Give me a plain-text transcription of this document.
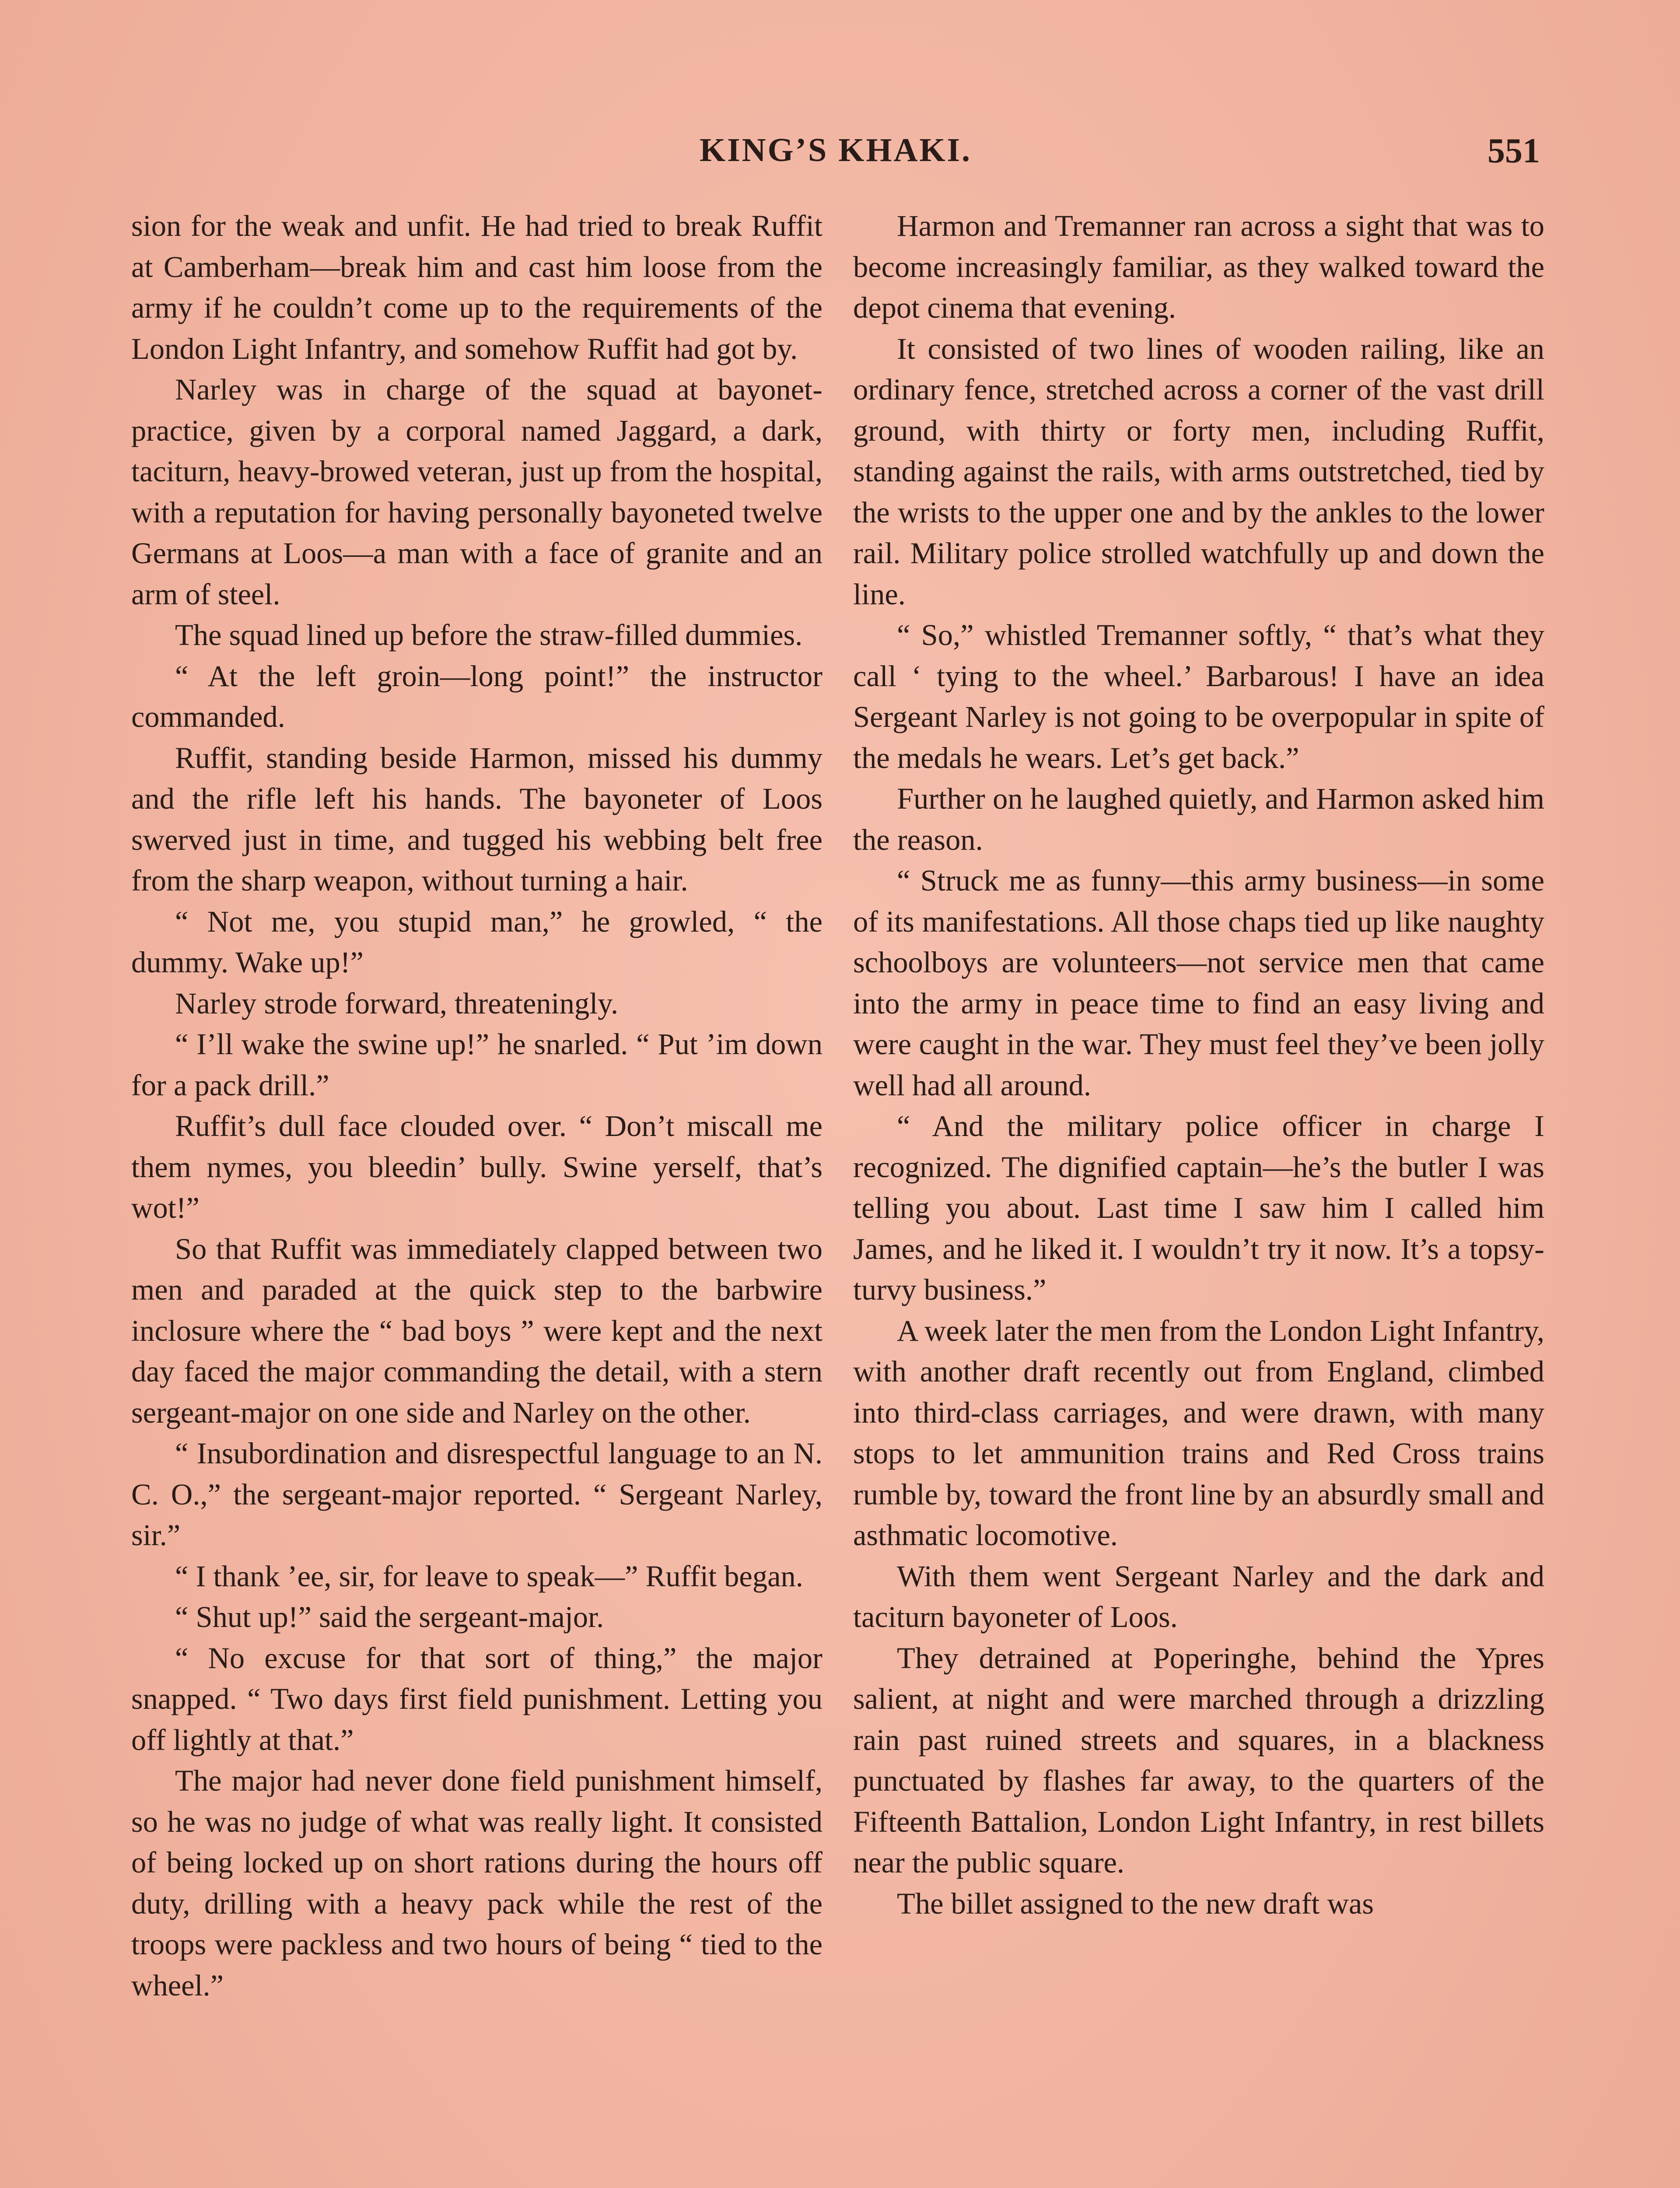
KING’S KHAKI.	551

sion for the weak and unfit. He had tried to break Ruffit at Camberham—break him and cast him loose from the army if he couldn’t come up to the requirements of the London Light Infantry, and somehow Ruffit had got by.

Narley was in charge of the squad at bayonet-practice, given by a corporal named Jaggard, a dark, taciturn, heavy-browed veteran, just up from the hospital, with a reputation for having personally bayoneted twelve Germans at Loos—a man with a face of granite and an arm of steel.

The squad lined up before the straw-filled dummies.

“ At the left groin—long point!” the instructor commanded.

Ruffit, standing beside Harmon, missed his dummy and the rifle left his hands. The bayoneter of Loos swerved just in time, and tugged his webbing belt free from the sharp weapon, without turning a hair.

“ Not me, you stupid man,” he growled, “ the dummy. Wake up!”

Narley strode forward, threateningly.

“ I’ll wake the swine up!” he snarled. “ Put ’im down for a pack drill.”

Ruffit’s dull face clouded over. “ Don’t miscall me them nymes, you bleedin’ bully. Swine yerself, that’s wot!”

So that Ruffit was immediately clapped between two men and paraded at the quick step to the barbwire inclosure where the “ bad boys ” were kept and the next day faced the major commanding the detail, with a stern sergeant-major on one side and Narley on the other.

“ Insubordination and disrespectful language to an N. C. O.,” the sergeant-major reported. “ Sergeant Narley, sir.”

“ I thank ’ee, sir, for leave to speak—” Ruffit began.

“ Shut up!” said the sergeant-major.

“ No excuse for that sort of thing,” the major snapped. “ Two days first field punishment. Letting you off lightly at that.”

The major had never done field punishment himself, so he was no judge of what was really light. It consisted of being locked up on short rations during the hours off duty, drilling with a heavy pack while the rest of the troops were packless and two hours of being “ tied to the wheel.”

Harmon and Tremanner ran across a sight that was to become increasingly familiar, as they walked toward the depot cinema that evening.

It consisted of two lines of wooden railing, like an ordinary fence, stretched across a corner of the vast drill ground, with thirty or forty men, including Ruffit, standing against the rails, with arms outstretched, tied by the wrists to the upper one and by the ankles to the lower rail. Military police strolled watchfully up and down the line.

“ So,” whistled Tremanner softly, “ that’s what they call ‘ tying to the wheel.’ Barbarous! I have an idea Sergeant Narley is not going to be overpopular in spite of the medals he wears. Let’s get back.”

Further on he laughed quietly, and Harmon asked him the reason.

“ Struck me as funny—this army business—in some of its manifestations. All those chaps tied up like naughty schoolboys are volunteers—not service men that came into the army in peace time to find an easy living and were caught in the war. They must feel they’ve been jolly well had all around.

“ And the military police officer in charge I recognized. The dignified captain—he’s the butler I was telling you about. Last time I saw him I called him James, and he liked it. I wouldn’t try it now. It’s a topsy-turvy business.”

A week later the men from the London Light Infantry, with another draft recently out from England, climbed into third-class carriages, and were drawn, with many stops to let ammunition trains and Red Cross trains rumble by, toward the front line by an absurdly small and asthmatic locomotive.

With them went Sergeant Narley and the dark and taciturn bayoneter of Loos.

They detrained at Poperinghe, behind the Ypres salient, at night and were marched through a drizzling rain past ruined streets and squares, in a blackness punctuated by flashes far away, to the quarters of the Fifteenth Battalion, London Light Infantry, in rest billets near the public square.

The billet assigned to the new draft was
